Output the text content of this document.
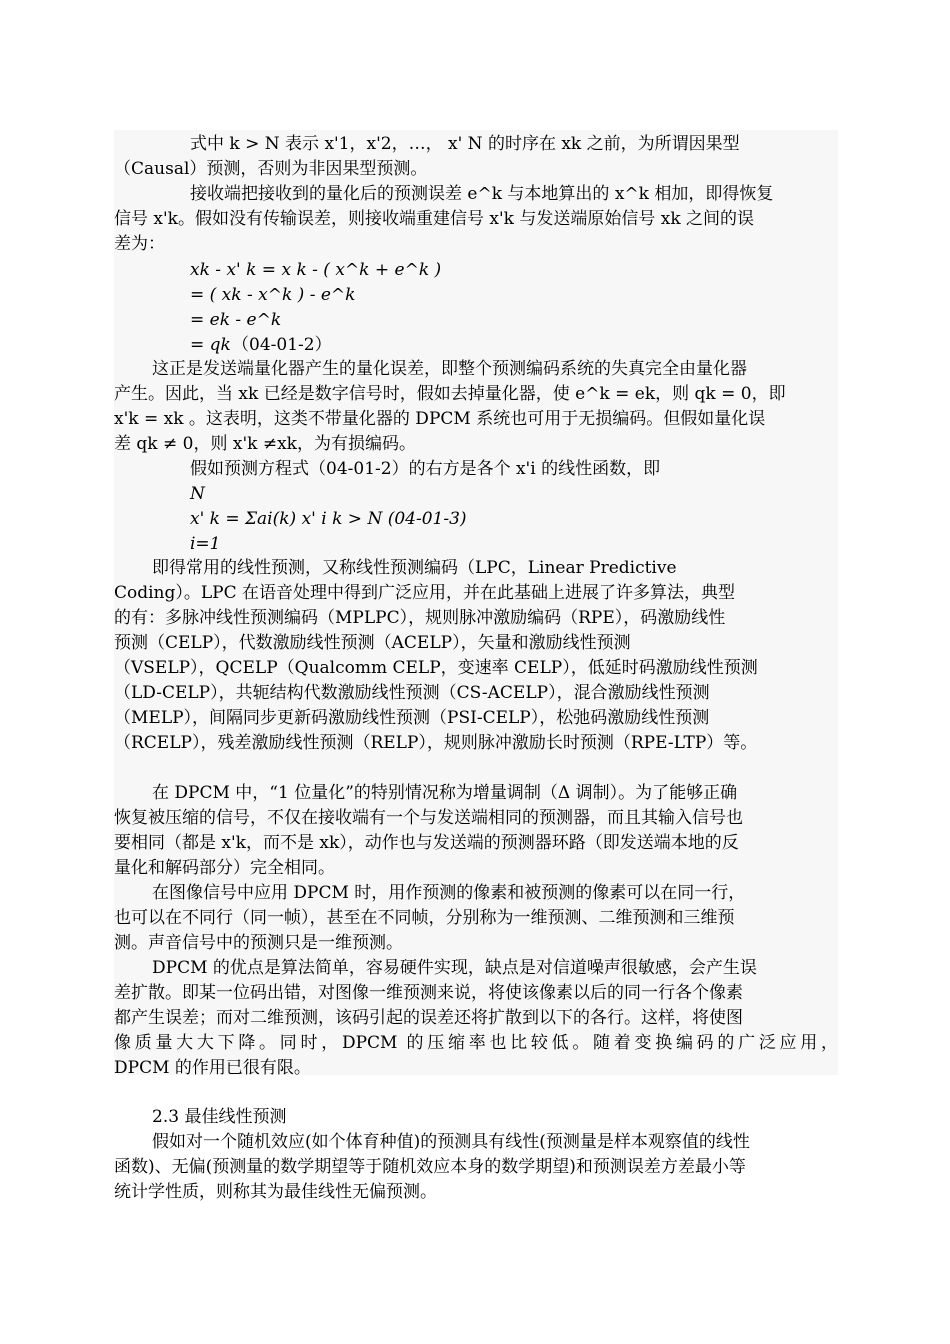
式中 k > N 表示 x'1，x'2，…， x' N 的时序在 xk 之前，为所谓因果型
（Causal）预测，否则为非因果型预测。
接收端把接收到的量化后的预测误差 e^k 与本地算出的 x^k 相加，即得恢复
信号 x'k。假如没有传输误差，则接收端重建信号 x'k 与发送端原始信号 xk 之间的误
差为：
xk - x' k = x k - ( x^k + e^k )
= ( xk - x^k ) - e^k
= ek - e^k
= qk （04-01-2）
这正是发送端量化器产生的量化误差，即整个预测编码系统的失真完全由量化器
产生。因此，当 xk 已经是数字信号时，假如去掉量化器，使 e^k = ek，则 qk = 0，即
x'k = xk 。这表明，这类不带量化器的 DPCM 系统也可用于无损编码。但假如量化误
差 qk ≠ 0，则 x'k ≠xk，为有损编码。
假如预测方程式（04-01-2）的右方是各个 x'i 的线性函数，即
N
x' k = Σai(k) x' i k > N (04-01-3)
i=1
即得常用的线性预测，又称线性预测编码（LPC，Linear Predictive
Coding）。LPC 在语音处理中得到广泛应用，并在此基础上进展了许多算法，典型
的有：多脉冲线性预测编码（MPLPC），规则脉冲激励编码（RPE），码激励线性
预测（CELP），代数激励线性预测（ACELP），矢量和激励线性预测
（VSELP），QCELP（Qualcomm CELP，变速率 CELP），低延时码激励线性预测
（LD-CELP），共轭结构代数激励线性预测（CS-ACELP），混合激励线性预测
（MELP），间隔同步更新码激励线性预测（PSI-CELP），松弛码激励线性预测
（RCELP），残差激励线性预测（RELP），规则脉冲激励长时预测（RPE-LTP）等。
在 DPCM 中，“1 位量化”的特别情况称为增量调制（Δ 调制）。为了能够正确
恢复被压缩的信号，不仅在接收端有一个与发送端相同的预测器，而且其输入信号也
要相同（都是 x'k，而不是 xk），动作也与发送端的预测器环路（即发送端本地的反
量化和解码部分）完全相同。
在图像信号中应用 DPCM 时，用作预测的像素和被预测的像素可以在同一行，
也可以在不同行（同一帧），甚至在不同帧，分别称为一维预测、二维预测和三维预
测。声音信号中的预测只是一维预测。
DPCM 的优点是算法简单，容易硬件实现，缺点是对信道噪声很敏感，会产生误
差扩散。即某一位码出错，对图像一维预测来说，将使该像素以后的同一行各个像素
都产生误差；而对二维预测，该码引起的误差还将扩散到以下的各行。这样，将使图
像质量大大下降。同时，DPCM 的压缩率也比较低。随着变换编码的广泛应用，
DPCM 的作用已很有限。
2.3 最佳线性预测
假如对一个随机效应(如个体育种值)的预测具有线性(预测量是样本观察值的线性
函数)、无偏(预测量的数学期望等于随机效应本身的数学期望)和预测误差方差最小等
统计学性质，则称其为最佳线性无偏预测。
